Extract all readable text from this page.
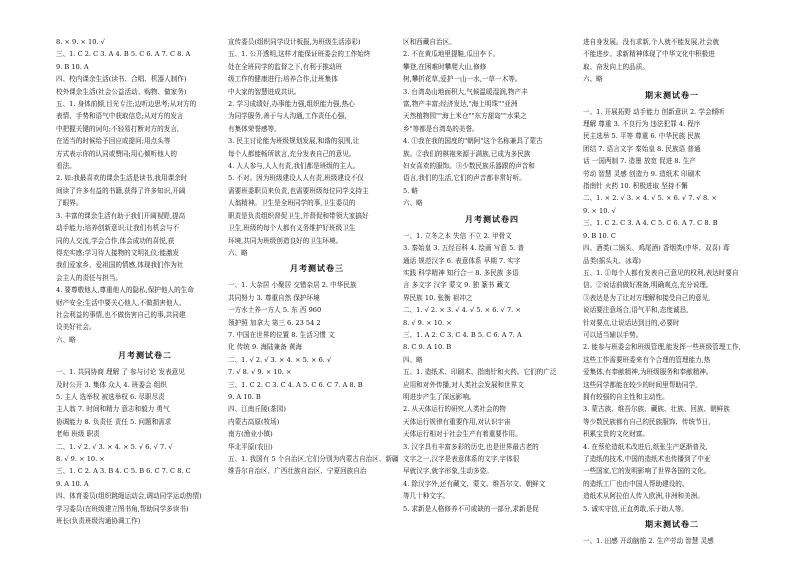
8. × 9. × 10. √
三、1. C 2. C 3. A 4. B 5. C 6. A 7. C 8. A
9. B 10. A
四、校内课余生活(读书、合唱、机器人制作)
校外课余生活(社会公益活动、购物、做家务)
五、1. 身体前倾,目光专注;边听边思考;从对方的
表情、手势和语气中获取信息;从对方的发言
中把握关键的词句;不轻易打断对方的发言,
在适当的时候给予回应或提问;用点头等
方式表示你的认同或赞同;用心倾听他人的
看法。
2. 如:我最喜欢的课余生活是读书,我用课余时
间读了许多有益的书籍,获得了许多知识,开阔
了眼界。
3. 丰富的课余生活有助于我们开阔视野,提高
动手能力;培养创新意识;让我们有机会与不
同的人交流,学会合作,体会成功的喜悦,获
得充实感;学习待人接物的文明礼仪;能激发
我们爱家乡、爱祖国的情感,体现我们作为社
会主人的责任与担当。
4. 要尊敬他人,尊重他人的隐私,保护他人的生命
财产安全;生活中要关心他人,不做损害他人、
社会利益的事情,也不做伤害自己的事,共同建
设美好社会。
六、略
月考测试卷二
一、1. 共同协商 理解 了 参与讨论 发表意见
及时公开 3. 集体 众人 4. 班委会 组织
5. 主人 选举权 被选举权 6. 尽职尽责
主人翁 7. 时间和精力 意志和毅力 勇气
协调能力 8. 负责任 责任 5. 问题和需求
老师 班级 职责
二、1. √ 2. √ 3. × 4. × 5. √ 6. √ 7. √
8. √ 9. × 10. ×
三、1. C 2. A 3. B 4. C 5. B 6. C 7. C 8. C
9. A 10. A
四、体育委员(组织跳绳运动会,调动同学运动热情)
学习委员(在班级建立图书角,帮助同学多读书)
班长(负责班级沟通协调工作)
宣传委员(组织同学设计板报,为班级生活添彩)
五、1. 公开透明,这样才能保证班委会的工作始终
处在全班同学的监督之下,有利于推动班
级工作的健康进行;培养合作,让班集体
中大家的智慧迸成共识。
2. 学习成绩好,办事能力强,组织能力强,热心
为同学服务,善于与人沟通,工作责任心强,
有集体荣誉感等。
3. 民主讨论能为班级规划发展,和谐的氛围,让
每个人都能畅所欲言,充分发表自己的意见。
4. 人人参与,人人有责,我们都是班级的主人。
5. 不对。因为班级建设人人有责,班级建设不仅
需要班委职员来负责,也需要班级每位同学支持主
人翁精神。卫生是全班同学的事,卫生委员的
职责是负责组织督促卫生,并督促和带领大家搞好
卫生,班级的每个人都有义务维护好班级卫生
环境,共同为班级创造良好的卫生环境。
六、略
月考测试卷三
一、1. 大杂居 小聚居 交错杂居 2. 中华民族
共同努力 3. 尊重自然 保护环境
一方水土养一方人 5. 东 西 960
领护照 加拿大 第三 6. 23 54 2
7. 中国在世界的位置 8. 生活习惯 文
化 传统 9. 海陆兼备 黄海
二、1. √ 2. √ 3. × 4. × 5. × 6. √
7. √ 8. √ 9. × 10. ×
三、1. C 2. C 3. C 4. A 5. C 6. C 7. A 8. B
9. A 10. B
四、江南丘陵(茶园)
内蒙古高原(牧场)
南方(渔业小镇)
华北平原(农田)
五、1. 我国有 5 个自治区,它们分别为内蒙古自治区、新疆
维吾尔自治区、广西壮族自治区、宁夏回族自治
区和西藏自治区。
2. 不在黄瓜地里提鞋,瓜田李下。
攀登,在困难时攀爬大山,修修
树,攀折花草,爱护一山一水,一草一木等。
3. 台湾岛山地面积大,气候温暖湿润,物产丰
富,物产丰富;经济发达,"海上明珠""亚洲
天然植物园""海上米仓""东方甜岛""水果之
乡"等都是台湾岛的美誉。
4. ①我在我的国度的"朝阿"这个名称兼具了蒙古
族。②我们的棋袍来源于满族,已成为多民族
妇女喜欢的服饰。③少数民族乐器跟的声音和
语言,我们的生活,它们的声音都非常好听。
5. 略
六、略
月考测试卷四
一、1. 立冬之本 失信 不立 2. 甲骨文
3. 秦始皇 3. 五经百科 4. 绘画 写意 5. 普
通话 规范汉字 6. 表意体系 早期 7. 实字
实践 科学精神 知行合一 8. 多民族 多语
言 多文字 汉字 蒙文 9. 独 篆书 藏文
界民族 10. 张衡 祖冲之
二、1. √ 2. × 3. √ 4. √ 5. × 6. √ 7. ×
8. √ 9. × 10. ×
三、1. A 2. C 3. C 4. B 5. C 6. A 7. A
8. C 9. A 10. B
四、略
五、1. 造纸术、印刷术、指南针和火药。它们的广泛
应用和对外传播,对人类社会发展和世界文
明进步产生了深远影响。
2. 从天体运行的研究,人类社会的物
天体运行规律有重要作用,对认识宇宙
天体运行相对于社会生产有着重要作用。
3. 汉字具有丰富多彩的历史,也是世界最古老的
文字之一,汉字是表意体系的文字,字体很
早就汉字,就字形象,生动多姿。
4. 除汉字外,还有藏文、蒙文、维吾尔文、朝鲜文
等几十种文字。
5. 求新是人格修养不可或缺的一部分,求新是促
进自身发展。没有求新,个人就不能发展,社会就
不能进步。求新精神体现了中华文化中积极进
取、奋发向上的品质。
六、略
期末测试卷一
一、1. 开展拓野 动手能力 创新意识 2. 学会倾听
理解 尊重 3. 不良行为 违法犯罪 4. 程序
民主选举 5. 平等 尊重 6. 中华民族 民族
团结 7. 语言文字 秦始皇 8. 民族语 普通
话 一国两制 7. 造墨 放宽 促进 8. 生产
劳动 智慧 灵感 创造力 9. 造纸术 印刷术
指南针 火药 10. 积极进取 坚持不懈
二、1. × 2. √ 3. × 4. √ 5. × 6. √ 7. √ 8. ×
9. × 10. √
三、1. C 2. C 3. A 4. C 5. C 6. A 7. C 8. B
9. B 10. C
四、酒类(二锅头、鸡尾酒) 香烟类(中华、双喜) 毒
品类(摇头丸、冰毒)
五、1. ①每个人都有发表自己意见的权利,表达时要自
信。②说话前做好准备,明确观点,充分说理。
③表达是为了让对方理解和接受自己的意见,
说话要注意场合,语气平和,态度诚恳,
针对要点,让说话达到目的,必要时
可以适当辅以手势。
2. 能参与班委会和班级管理,能发挥一些班级管理工作,
这些工作需要班委来有个合理的管理能力,热
爱集体,有奉献精神,为班级服务和奉献精神。
这些同学都能在较少的时间里帮助同学,
拥有较强的自主性和主动性。
3. 蒙古族、维吾尔族、藏族、壮族、回族、朝鲜族
等少数民族都有自己的民族服饰、传统节日,
积累宝贵的文化财富。
4. 在蔡伦造纸术改进后,纸张生产逐渐普及,
了造纸的技术,中国的造纸术也传播到了中亚
一些国家,它的发明影响了世界各国的文化。
的造纸工厂也由中国人帮助建设的。
造纸术从阿拉伯人传入欧洲,非洲和美洲。
5. 诚实守信,正直勇敢,乐于助人等。
期末测试卷二
一、1. 田感 开动脑筋 2. 生产劳动 智慧 灵感
